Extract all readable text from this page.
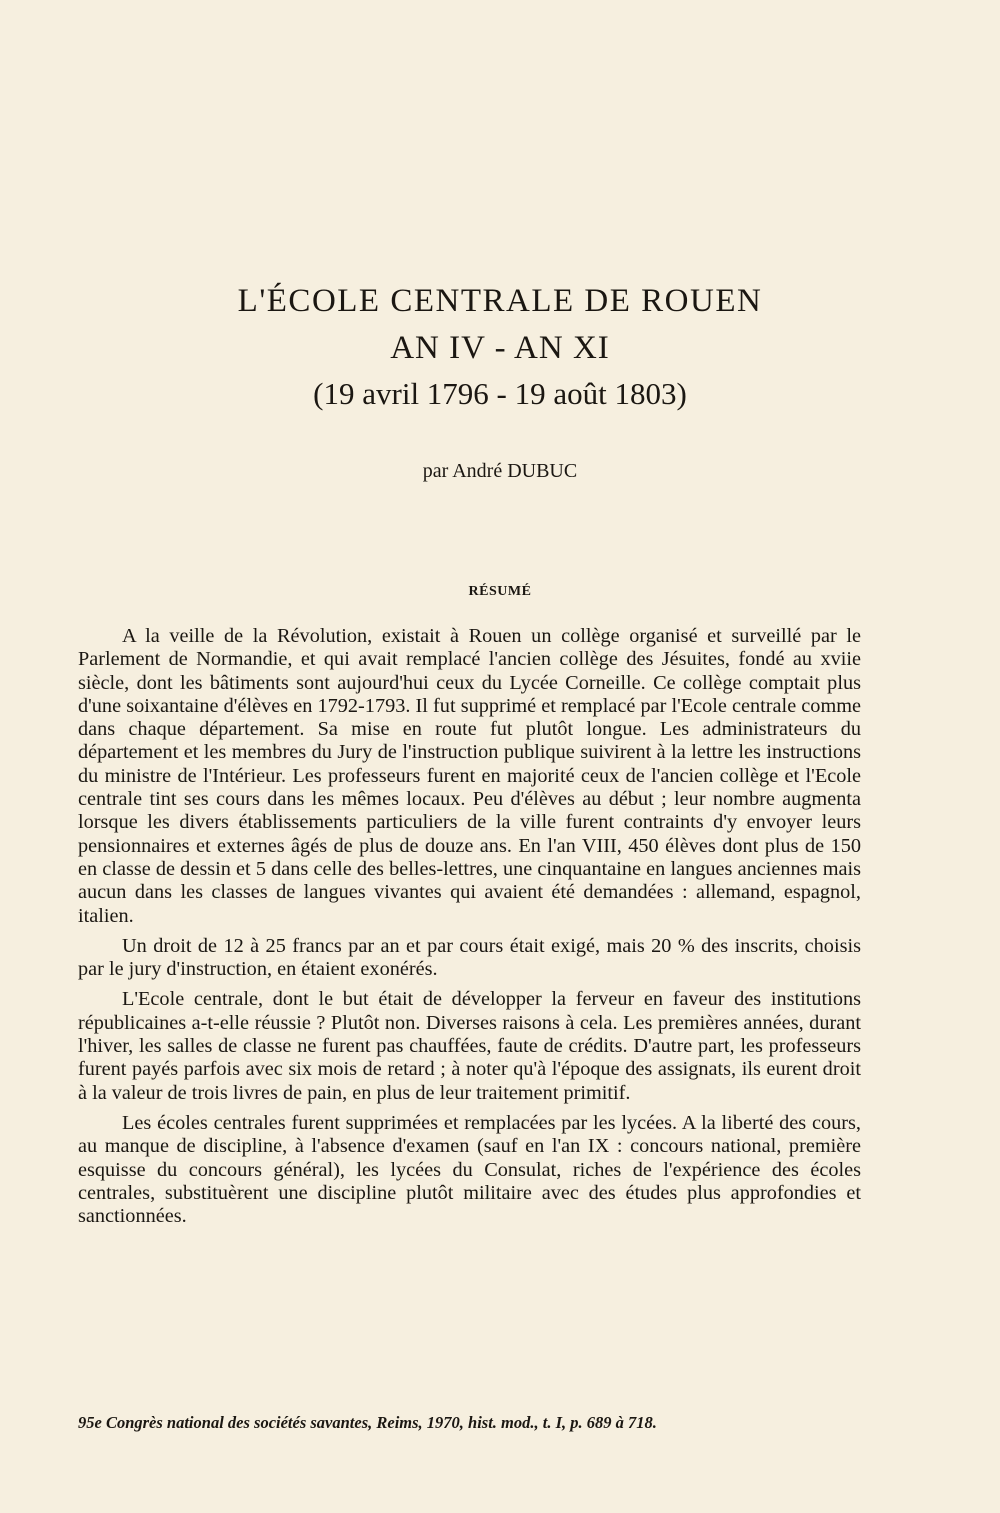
L'ÉCOLE CENTRALE DE ROUEN
AN IV - AN XI
(19 avril 1796 - 19 août 1803)
par André DUBUC
RÉSUMÉ

A la veille de la Révolution, existait à Rouen un collège organisé et surveillé par le Parlement de Normandie, et qui avait remplacé l'ancien collège des Jésuites, fondé au xviie siècle, dont les bâtiments sont aujourd'hui ceux du Lycée Corneille. Ce collège comptait plus d'une soixantaine d'élèves en 1792-1793. Il fut supprimé et remplacé par l'Ecole centrale comme dans chaque département. Sa mise en route fut plutôt longue. Les administrateurs du département et les membres du Jury de l'instruction publique suivirent à la lettre les instructions du ministre de l'Intérieur. Les professeurs furent en majorité ceux de l'ancien collège et l'Ecole centrale tint ses cours dans les mêmes locaux. Peu d'élèves au début ; leur nombre augmenta lorsque les divers établissements particuliers de la ville furent contraints d'y envoyer leurs pensionnaires et externes âgés de plus de douze ans. En l'an VIII, 450 élèves dont plus de 150 en classe de dessin et 5 dans celle des belles-lettres, une cinquantaine en langues anciennes mais aucun dans les classes de langues vivantes qui avaient été demandées : allemand, espagnol, italien.

Un droit de 12 à 25 francs par an et par cours était exigé, mais 20 % des inscrits, choisis par le jury d'instruction, en étaient exonérés.

L'Ecole centrale, dont le but était de développer la ferveur en faveur des institutions républicaines a-t-elle réussie ? Plutôt non. Diverses raisons à cela. Les premières années, durant l'hiver, les salles de classe ne furent pas chauffées, faute de crédits. D'autre part, les professeurs furent payés parfois avec six mois de retard ; à noter qu'à l'époque des assignats, ils eurent droit à la valeur de trois livres de pain, en plus de leur traitement primitif.

Les écoles centrales furent supprimées et remplacées par les lycées. A la liberté des cours, au manque de discipline, à l'absence d'examen (sauf en l'an IX : concours national, première esquisse du concours général), les lycées du Consulat, riches de l'expérience des écoles centrales, substituèrent une discipline plutôt militaire avec des études plus approfondies et sanctionnées.

95e Congrès national des sociétés savantes, Reims, 1970, hist. mod., t. I, p. 689 à 718.
